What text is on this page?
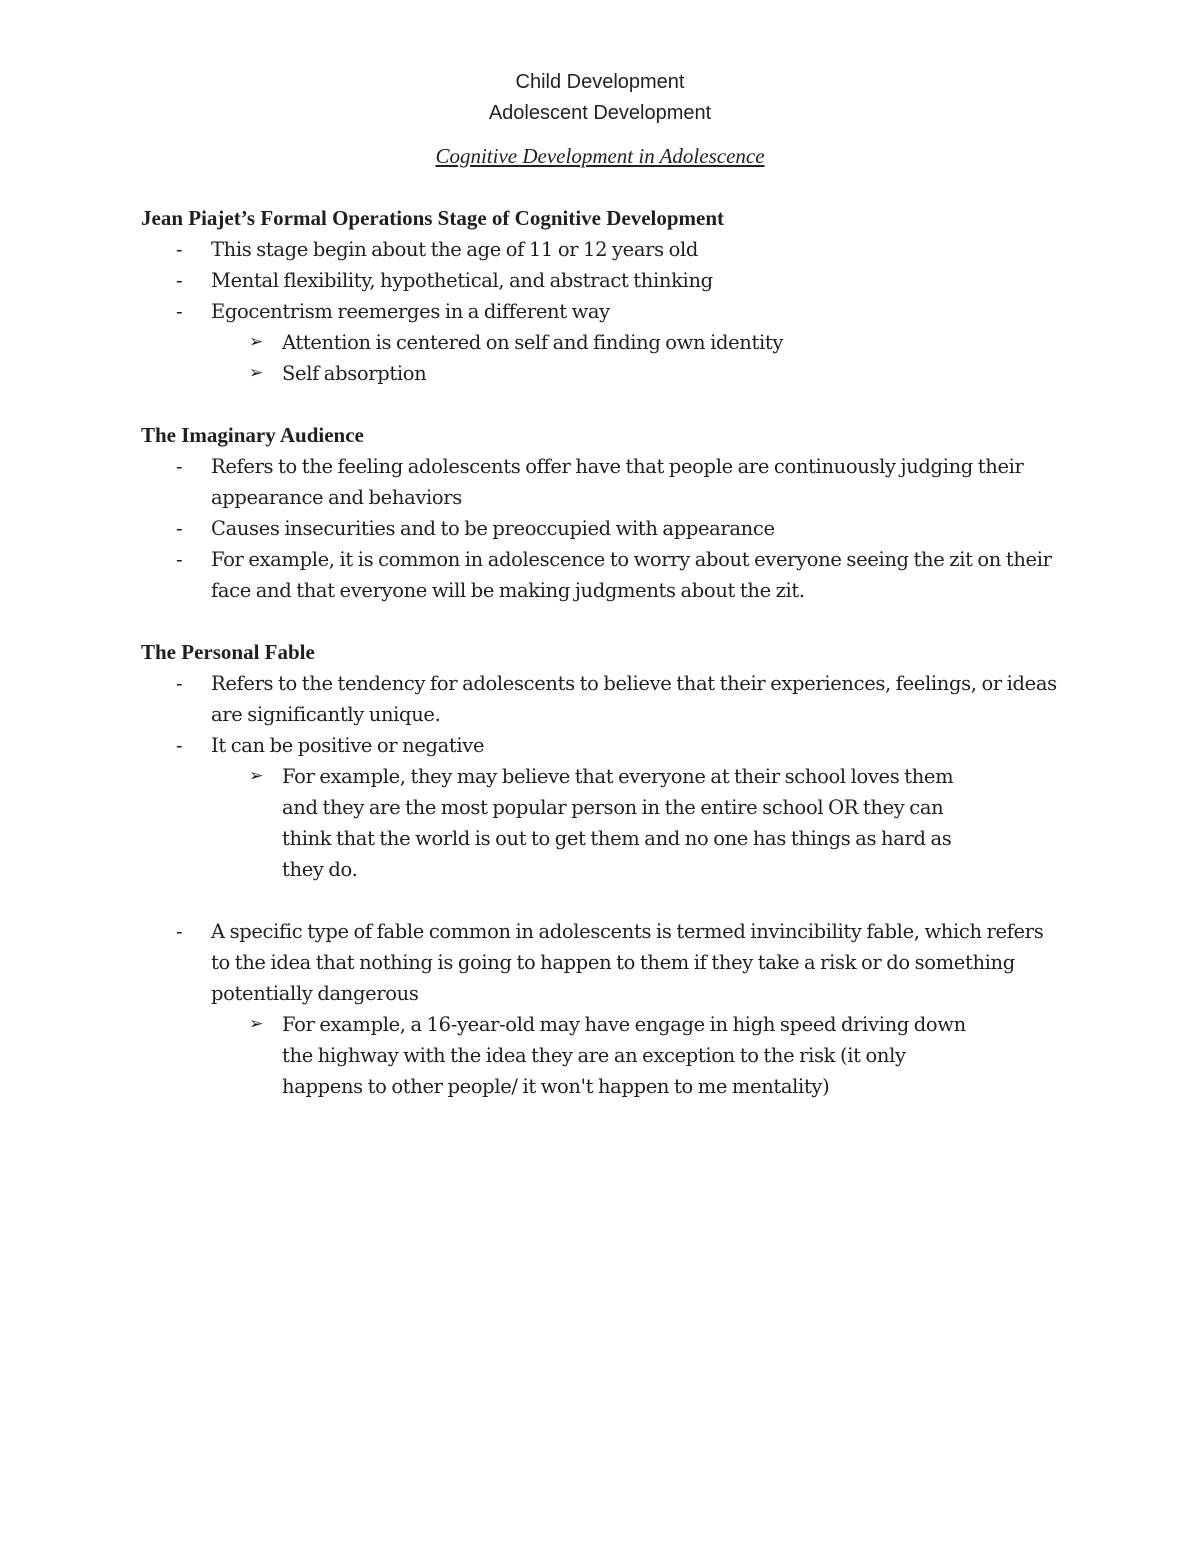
Child Development
Adolescent Development
Cognitive Development in Adolescence
Jean Piajet’s Formal Operations Stage of Cognitive Development
- This stage begin about the age of 11 or 12 years old
- Mental flexibility, hypothetical, and abstract thinking
- Egocentrism reemerges in a different way
➢ Attention is centered on self and finding own identity
➢ Self absorption
The Imaginary Audience
- Refers to the feeling adolescents offer have that people are continuously judging their appearance and behaviors
- Causes insecurities and to be preoccupied with appearance
- For example, it is common in adolescence to worry about everyone seeing the zit on their face and that everyone will be making judgments about the zit.
The Personal Fable
- Refers to the tendency for adolescents to believe that their experiences, feelings, or ideas are significantly unique.
- It can be positive or negative
➢ For example, they may believe that everyone at their school loves them and they are the most popular person in the entire school OR they can think that the world is out to get them and no one has things as hard as they do.
- A specific type of fable common in adolescents is termed invincibility fable, which refers to the idea that nothing is going to happen to them if they take a risk or do something potentially dangerous
➢ For example, a 16-year-old may have engage in high speed driving down the highway with the idea they are an exception to the risk (it only happens to other people/ it won't happen to me mentality)
